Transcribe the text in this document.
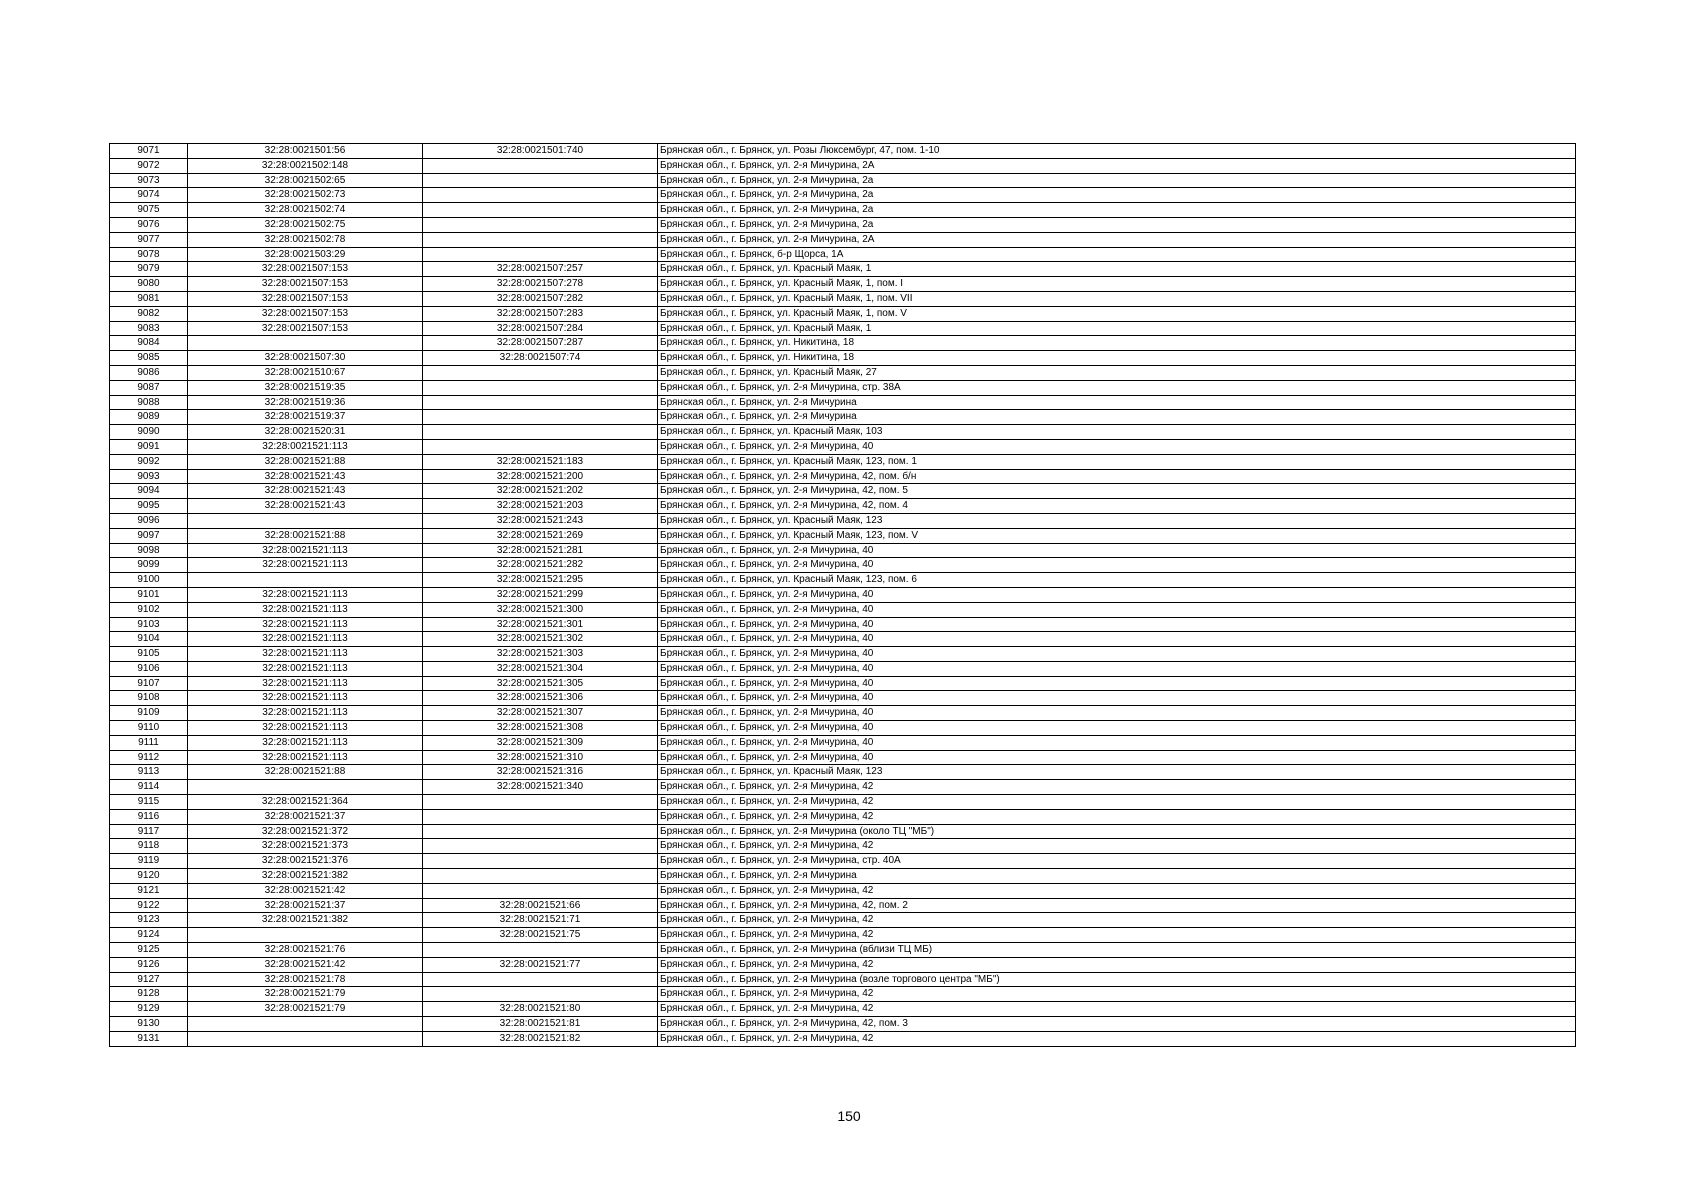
9071	32:28:0021501:56	32:28:0021501:740	Брянская обл., г. Брянск, ул. Розы Люксембург, 47, пом. 1-10
9072	32:28:0021502:148		Брянская обл., г. Брянск, ул. 2-я Мичурина, 2А
9073	32:28:0021502:65		Брянская обл., г. Брянск, ул. 2-я Мичурина, 2а
9074	32:28:0021502:73		Брянская обл., г. Брянск, ул. 2-я Мичурина, 2а
9075	32:28:0021502:74		Брянская обл., г. Брянск, ул. 2-я Мичурина, 2а
9076	32:28:0021502:75		Брянская обл., г. Брянск, ул. 2-я Мичурина, 2а
9077	32:28:0021502:78		Брянская обл., г. Брянск, ул. 2-я Мичурина, 2А
9078	32:28:0021503:29		Брянская обл., г. Брянск, б-р Щорса, 1А
9079	32:28:0021507:153	32:28:0021507:257	Брянская обл., г. Брянск, ул. Красный Маяк, 1
9080	32:28:0021507:153	32:28:0021507:278	Брянская обл., г. Брянск, ул. Красный Маяк, 1, пом. I
9081	32:28:0021507:153	32:28:0021507:282	Брянская обл., г. Брянск, ул. Красный Маяк, 1, пом. VII
9082	32:28:0021507:153	32:28:0021507:283	Брянская обл., г. Брянск, ул. Красный Маяк, 1, пом. V
9083	32:28:0021507:153	32:28:0021507:284	Брянская обл., г. Брянск, ул. Красный Маяк, 1
9084		32:28:0021507:287	Брянская обл., г. Брянск, ул. Никитина, 18
9085	32:28:0021507:30	32:28:0021507:74	Брянская обл., г. Брянск, ул. Никитина, 18
9086	32:28:0021510:67		Брянская обл., г. Брянск, ул. Красный Маяк, 27
9087	32:28:0021519:35		Брянская обл., г. Брянск, ул. 2-я Мичурина, стр. 38А
9088	32:28:0021519:36		Брянская обл., г. Брянск, ул. 2-я Мичурина
9089	32:28:0021519:37		Брянская обл., г. Брянск, ул. 2-я Мичурина
9090	32:28:0021520:31		Брянская обл., г. Брянск, ул. Красный Маяк, 103
9091	32:28:0021521:113		Брянская обл., г. Брянск, ул. 2-я Мичурина, 40
9092	32:28:0021521:88	32:28:0021521:183	Брянская обл., г. Брянск, ул. Красный Маяк, 123, пом. 1
9093	32:28:0021521:43	32:28:0021521:200	Брянская обл., г. Брянск, ул. 2-я Мичурина, 42, пом. б/н
9094	32:28:0021521:43	32:28:0021521:202	Брянская обл., г. Брянск, ул. 2-я Мичурина, 42, пом. 5
9095	32:28:0021521:43	32:28:0021521:203	Брянская обл., г. Брянск, ул. 2-я Мичурина, 42, пом. 4
9096		32:28:0021521:243	Брянская обл., г. Брянск, ул. Красный Маяк, 123
9097	32:28:0021521:88	32:28:0021521:269	Брянская обл., г. Брянск, ул. Красный Маяк, 123, пом. V
9098	32:28:0021521:113	32:28:0021521:281	Брянская обл., г. Брянск, ул. 2-я Мичурина, 40
9099	32:28:0021521:113	32:28:0021521:282	Брянская обл., г. Брянск, ул. 2-я Мичурина, 40
9100		32:28:0021521:295	Брянская обл., г. Брянск, ул. Красный Маяк, 123, пом. 6
9101	32:28:0021521:113	32:28:0021521:299	Брянская обл., г. Брянск, ул. 2-я Мичурина, 40
9102	32:28:0021521:113	32:28:0021521:300	Брянская обл., г. Брянск, ул. 2-я Мичурина, 40
9103	32:28:0021521:113	32:28:0021521:301	Брянская обл., г. Брянск, ул. 2-я Мичурина, 40
9104	32:28:0021521:113	32:28:0021521:302	Брянская обл., г. Брянск, ул. 2-я Мичурина, 40
9105	32:28:0021521:113	32:28:0021521:303	Брянская обл., г. Брянск, ул. 2-я Мичурина, 40
9106	32:28:0021521:113	32:28:0021521:304	Брянская обл., г. Брянск, ул. 2-я Мичурина, 40
9107	32:28:0021521:113	32:28:0021521:305	Брянская обл., г. Брянск, ул. 2-я Мичурина, 40
9108	32:28:0021521:113	32:28:0021521:306	Брянская обл., г. Брянск, ул. 2-я Мичурина, 40
9109	32:28:0021521:113	32:28:0021521:307	Брянская обл., г. Брянск, ул. 2-я Мичурина, 40
9110	32:28:0021521:113	32:28:0021521:308	Брянская обл., г. Брянск, ул. 2-я Мичурина, 40
9111	32:28:0021521:113	32:28:0021521:309	Брянская обл., г. Брянск, ул. 2-я Мичурина, 40
9112	32:28:0021521:113	32:28:0021521:310	Брянская обл., г. Брянск, ул. 2-я Мичурина, 40
9113	32:28:0021521:88	32:28:0021521:316	Брянская обл., г. Брянск, ул. Красный Маяк, 123
9114		32:28:0021521:340	Брянская обл., г. Брянск, ул. 2-я Мичурина, 42
9115	32:28:0021521:364		Брянская обл., г. Брянск, ул. 2-я Мичурина, 42
9116	32:28:0021521:37		Брянская обл., г. Брянск, ул. 2-я Мичурина, 42
9117	32:28:0021521:372		Брянская обл., г. Брянск, ул. 2-я Мичурина (около ТЦ "МБ")
9118	32:28:0021521:373		Брянская обл., г. Брянск, ул. 2-я Мичурина, 42
9119	32:28:0021521:376		Брянская обл., г. Брянск, ул. 2-я Мичурина, стр. 40А
9120	32:28:0021521:382		Брянская обл., г. Брянск, ул. 2-я Мичурина
9121	32:28:0021521:42		Брянская обл., г. Брянск, ул. 2-я Мичурина, 42
9122	32:28:0021521:37	32:28:0021521:66	Брянская обл., г. Брянск, ул. 2-я Мичурина, 42, пом. 2
9123	32:28:0021521:382	32:28:0021521:71	Брянская обл., г. Брянск, ул. 2-я Мичурина, 42
9124		32:28:0021521:75	Брянская обл., г. Брянск, ул. 2-я Мичурина, 42
9125	32:28:0021521:76		Брянская обл., г. Брянск, ул. 2-я Мичурина (вблизи ТЦ МБ)
9126	32:28:0021521:42	32:28:0021521:77	Брянская обл., г. Брянск, ул. 2-я Мичурина, 42
9127	32:28:0021521:78		Брянская обл., г. Брянск, ул. 2-я Мичурина (возле торгового центра "МБ")
9128	32:28:0021521:79		Брянская обл., г. Брянск, ул. 2-я Мичурина, 42
9129	32:28:0021521:79	32:28:0021521:80	Брянская обл., г. Брянск, ул. 2-я Мичурина, 42
9130		32:28:0021521:81	Брянская обл., г. Брянск, ул. 2-я Мичурина, 42, пом. 3
9131		32:28:0021521:82	Брянская обл., г. Брянск, ул. 2-я Мичурина, 42
150
